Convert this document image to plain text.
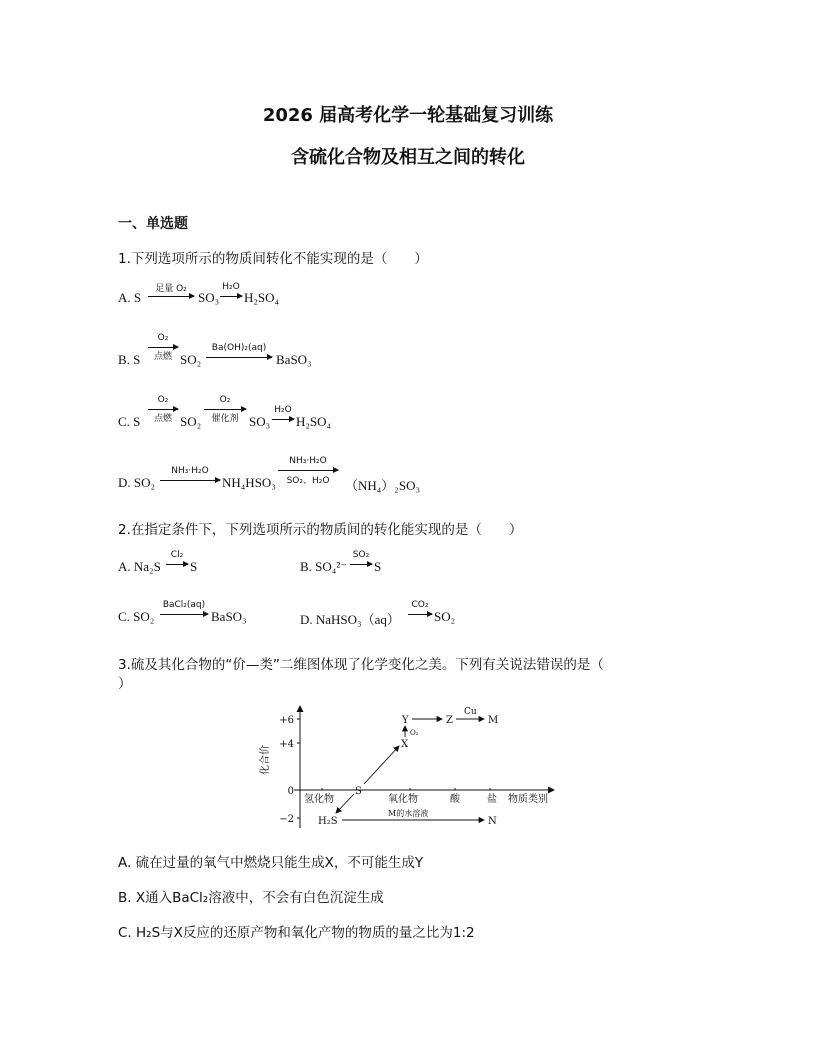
2026 届高考化学一轮基础复习训练
含硫化合物及相互之间的转化
一、单选题
1.下列选项所示的物质间转化不能实现的是（　　）
A. S
足量 O₂
SO₃
H₂O
H₂SO₄
B. S
O₂
点燃 SO₂
Ba(OH)₂(aq)
BaSO₃
C. S
O₂
点燃 SO₂
O₂
催化剂 SO₃
H₂O
H₂SO₄
D. SO₂
NH₃·H₂O
NH₄HSO₃
NH₃·H₂O
SO₂、H₂O	（NH₄）₂SO₃
2.在指定条件下，下列选项所示的物质间的转化能实现的是（　　）
A. Na₂S
Cl₂
S	B. SO₄²⁻
SO₂
S
C. SO₂
BaCl₂(aq)
BaSO₃	D. NaHSO₃（aq）
CO₂
SO₂
3.硫及其化合物的“价—类”二维图体现了化学变化之美。下列有关说法错误的是（
）
化合价
+6
+4
0
−2
氢化物	氧化物	酸	盐 物质类别
S
X
Y	Z	M
H₂S	N
O₂
Cu
M的水溶液
A. 硫在过量的氧气中燃烧只能生成X，不可能生成Y
B. X通入BaCl₂溶液中，不会有白色沉淀生成
C. H₂S与X反应的还原产物和氧化产物的物质的量之比为1:2
